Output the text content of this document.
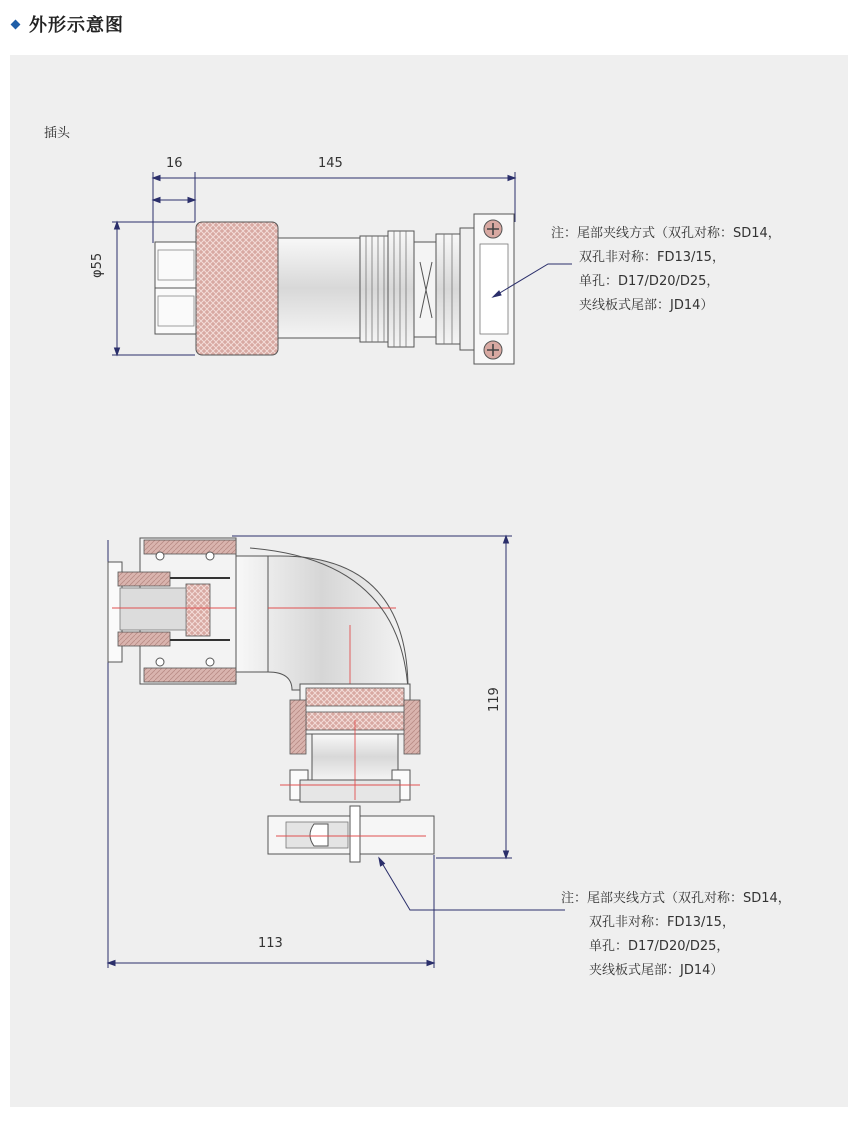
外形示意图
插头
16	145
φ55
注：尾部夹线方式（双孔对称：SD14，
双孔非对称：FD13/15，
单孔：D17/D20/D25，
夹线板式尾部：JD14）
119
113
注：尾部夹线方式（双孔对称：SD14，
双孔非对称：FD13/15，
单孔：D17/D20/D25，
夹线板式尾部：JD14）
